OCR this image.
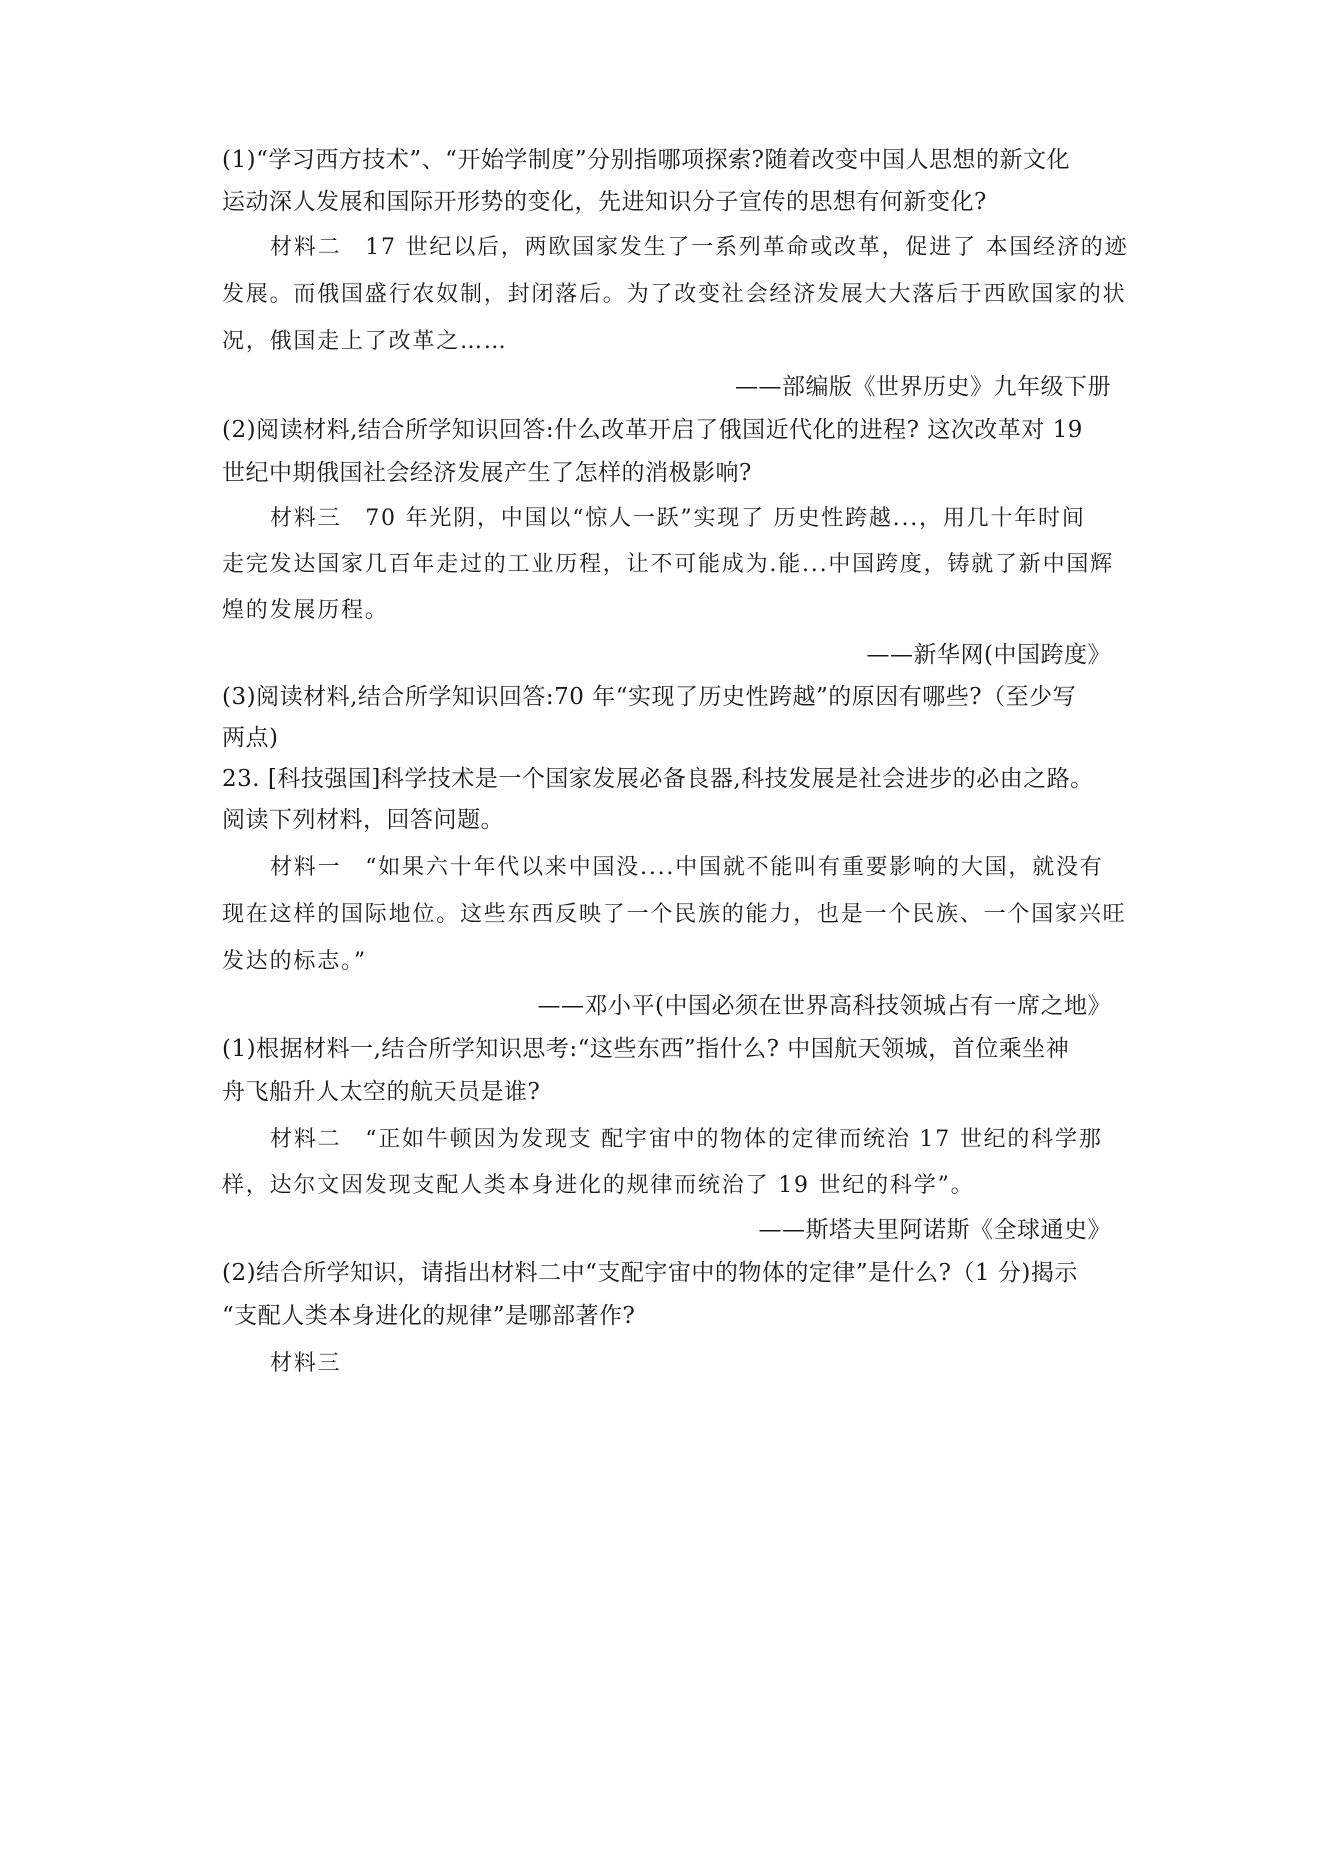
(1)“学习西方技术”、“开始学制度”分别指哪项探索?随着改变中国人思想的新文化
运动深人发展和国际开形势的变化，先进知识分子宣传的思想有何新变化?
材料二　17 世纪以后，两欧国家发生了一系列革命或改革，促进了 本国经济的迹
发展。而俄国盛行农奴制，封闭落后。为了改变社会经济发展大大落后于西欧国家的状
况，俄国走上了改革之……
——部编版《世界历史》九年级下册
(2)阅读材料,结合所学知识回答:什么改革开启了俄国近代化的进程? 这次改革对 19
世纪中期俄国社会经济发展产生了怎样的消极影响?
材料三　70 年光阴，中国以“惊人一跃”实现了 历史性跨越...，用几十年时间
走完发达国家几百年走过的工业历程，让不可能成为.能...中国跨度，铸就了新中国辉
煌的发展历程。
——新华网(中国跨度》
(3)阅读材料,结合所学知识回答:70 年“实现了历史性跨越”的原因有哪些?（至少写
两点)
23. [科技强国]科学技术是一个国家发展必备良器,科技发展是社会进步的必由之路。
阅读下列材料，回答问题。
材料一　“如果六十年代以来中国没....中国就不能叫有重要影响的大国，就没有
现在这样的国际地位。这些东西反映了一个民族的能力，也是一个民族、一个国家兴旺
发达的标志。”
——邓小平(中国必须在世界高科技领城占有一席之地》
(1)根据材料一,结合所学知识思考:“这些东西”指什么? 中国航天领城，首位乘坐神
舟飞船升人太空的航天员是谁?
材料二　“正如牛顿因为发现支 配宇宙中的物体的定律而统治 17 世纪的科学那
样，达尔文因发现支配人类本身进化的规律而统治了 19 世纪的科学”。
——斯塔夫里阿诺斯《全球通史》
(2)结合所学知识，请指出材料二中“支配宇宙中的物体的定律”是什么?（1 分)揭示
“支配人类本身进化的规律”是哪部著作?
材料三
